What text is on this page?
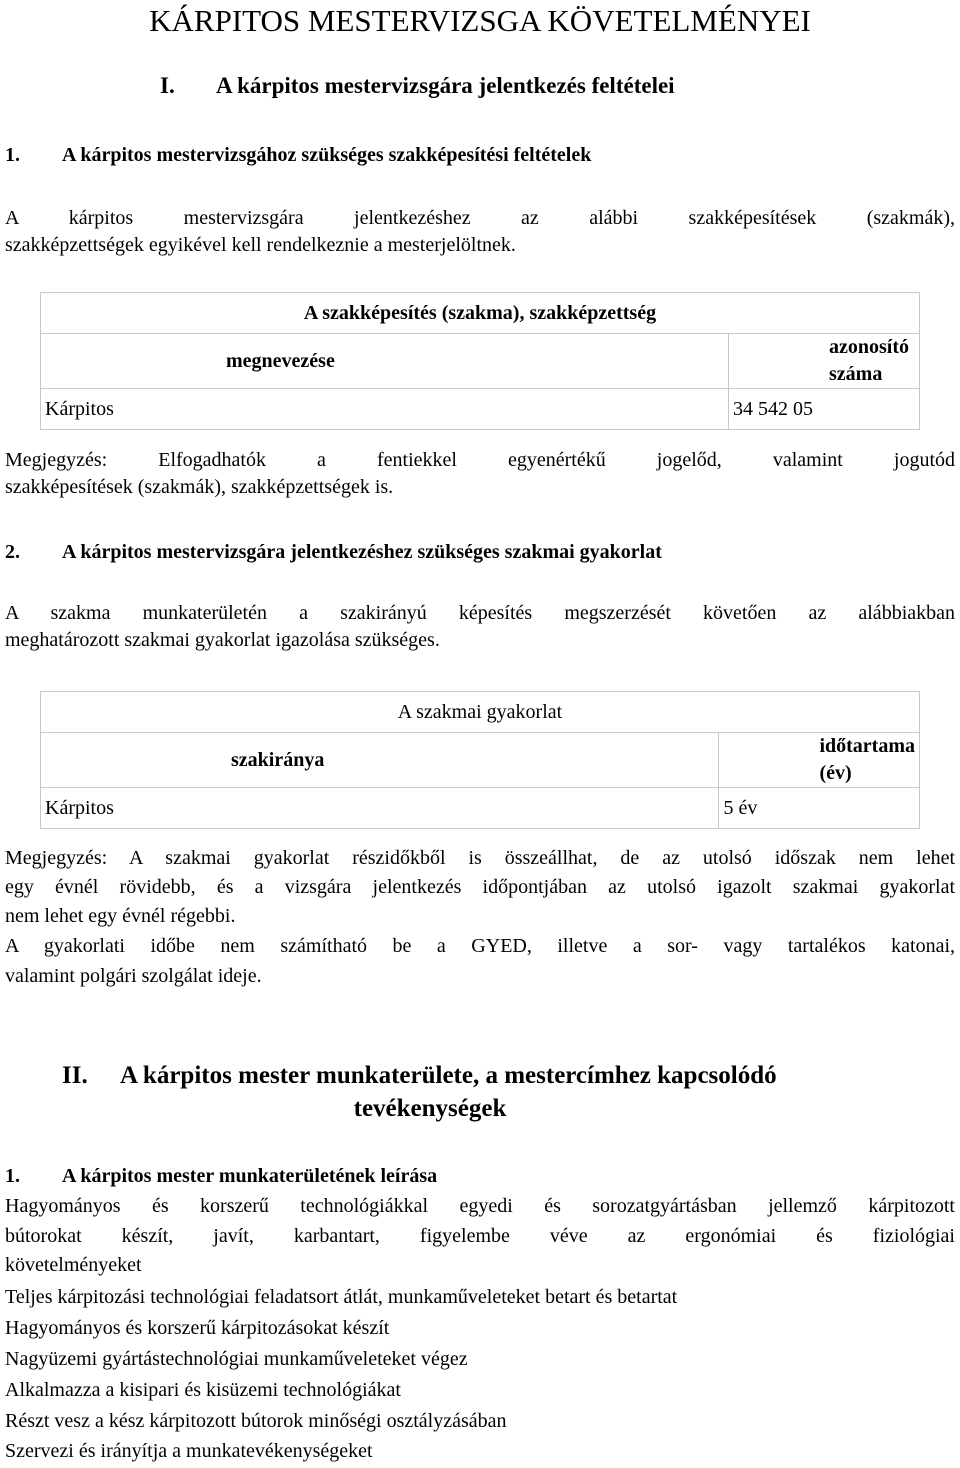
KÁRPITOS MESTERVIZSGA KÖVETELMÉNYEI
I. A kárpitos mestervizsgára jelentkezés feltételei
1. A kárpitos mestervizsgához szükséges szakképesítési feltételek
A kárpitos mestervizsgára jelentkezéshez az alábbi szakképesítések (szakmák),
szakképzettségek egyikével kell rendelkeznie a mesterjelöltnek.
A szakképesítés (szakma), szakképzettség	
megnevezése	azonosító száma
Kárpitos	34 542 05
Megjegyzés: Elfogadhatók a fentiekkel egyenértékű jogelőd, valamint jogutód
szakképesítések (szakmák), szakképzettségek is.
2. A kárpitos mestervizsgára jelentkezéshez szükséges szakmai gyakorlat
A szakma munkaterületén a szakirányú képesítés megszerzését követően az alábbiakban
meghatározott szakmai gyakorlat igazolása szükséges.
A szakmai gyakorlat	
szakiránya	időtartama (év)
Kárpitos	5 év
Megjegyzés: A szakmai gyakorlat részidőkből is összeállhat, de az utolsó időszak nem lehet
egy évnél rövidebb, és a vizsgára jelentkezés időpontjában az utolsó igazolt szakmai gyakorlat
nem lehet egy évnél régebbi.
A gyakorlati időbe nem számítható be a GYED, illetve a sor- vagy tartalékos katonai,
valamint polgári szolgálat ideje.
II. A kárpitos mester munkaterülete, a mestercímhez kapcsolódó
tevékenységek
1. A kárpitos mester munkaterületének leírása
Hagyományos és korszerű technológiákkal egyedi és sorozatgyártásban jellemző kárpitozott
bútorokat készít, javít, karbantart, figyelembe véve az ergonómiai és fiziológiai
követelményeket
Teljes kárpitozási technológiai feladatsort átlát, munkaműveleteket betart és betartat
Hagyományos és korszerű kárpitozásokat készít
Nagyüzemi gyártástechnológiai munkaműveleteket végez
Alkalmazza a kisipari és kisüzemi technológiákat
Részt vesz a kész kárpitozott bútorok minőségi osztályzásában
Szervezi és irányítja a munkatevékenységeket
